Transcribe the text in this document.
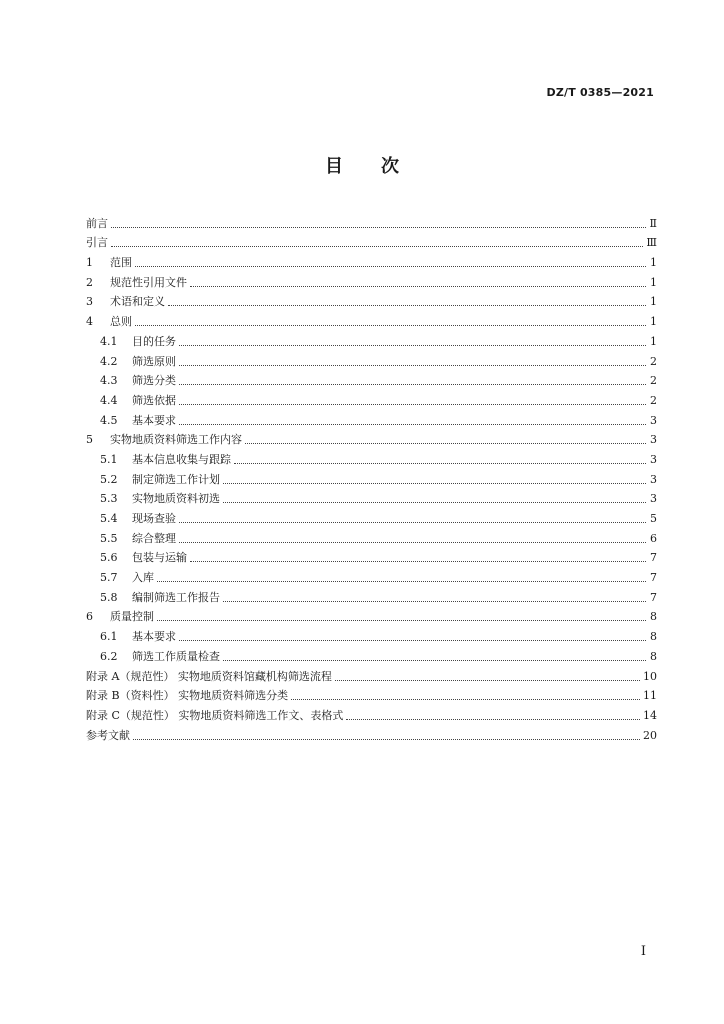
DZ/T 0385—2021
目 次
前言	Ⅱ
引言	Ⅲ
1	范围	1
2	规范性引用文件	1
3	术语和定义	1
4	总则	1
4.1	目的任务	1
4.2	筛选原则	2
4.3	筛选分类	2
4.4	筛选依据	2
4.5	基本要求	3
5	实物地质资料筛选工作内容	3
5.1	基本信息收集与跟踪	3
5.2	制定筛选工作计划	3
5.3	实物地质资料初选	3
5.4	现场查验	5
5.5	综合整理	6
5.6	包装与运输	7
5.7	入库	7
5.8	编制筛选工作报告	7
6	质量控制	8
6.1	基本要求	8
6.2	筛选工作质量检查	8
附录 A（规范性） 实物地质资料馆藏机构筛选流程	10
附录 B（资料性） 实物地质资料筛选分类	11
附录 C（规范性） 实物地质资料筛选工作文、表格式	14
参考文献	20
I
